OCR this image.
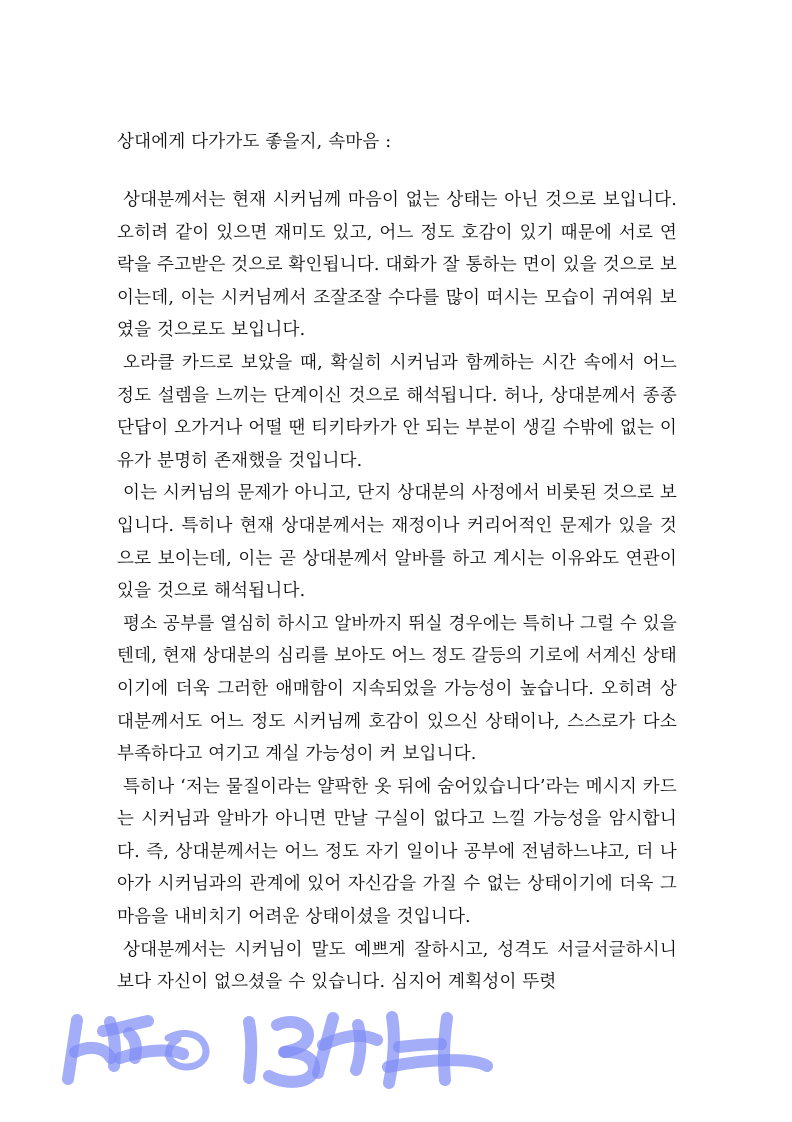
상대에게 다가가도 좋을지, 속마음 :

상대분께서는 현재 시커님께 마음이 없는 상태는 아닌 것으로 보입니다. 오히려 같이 있으면 재미도 있고, 어느 정도 호감이 있기 때문에 서로 연락을 주고받은 것으로 확인됩니다. 대화가 잘 통하는 면이 있을 것으로 보이는데, 이는 시커님께서 조잘조잘 수다를 많이 떠시는 모습이 귀여워 보였을 것으로도 보입니다.

오라클 카드로 보았을 때, 확실히 시커님과 함께하는 시간 속에서 어느 정도 설렘을 느끼는 단계이신 것으로 해석됩니다. 허나, 상대분께서 종종 단답이 오가거나 어떨 땐 티키타카가 안 되는 부분이 생길 수밖에 없는 이유가 분명히 존재했을 것입니다.

이는 시커님의 문제가 아니고, 단지 상대분의 사정에서 비롯된 것으로 보입니다. 특히나 현재 상대분께서는 재정이나 커리어적인 문제가 있을 것으로 보이는데, 이는 곧 상대분께서 알바를 하고 계시는 이유와도 연관이 있을 것으로 해석됩니다.

평소 공부를 열심히 하시고 알바까지 뛰실 경우에는 특히나 그럴 수 있을 텐데, 현재 상대분의 심리를 보아도 어느 정도 갈등의 기로에 서계신 상태이기에 더욱 그러한 애매함이 지속되었을 가능성이 높습니다. 오히려 상대분께서도 어느 정도 시커님께 호감이 있으신 상태이나, 스스로가 다소 부족하다고 여기고 계실 가능성이 커 보입니다.

특히나 ‘저는 물질이라는 얄팍한 옷 뒤에 숨어있습니다’라는 메시지 카드는 시커님과 알바가 아니면 만날 구실이 없다고 느낄 가능성을 암시합니다. 즉, 상대분께서는 어느 정도 자기 일이나 공부에 전념하느냐고, 더 나아가 시커님과의 관계에 있어 자신감을 가질 수 없는 상태이기에 더욱 그 마음을 내비치기 어려운 상태이셨을 것입니다.

상대분께서는 시커님이 말도 예쁘게 잘하시고, 성격도 서글서글하시니 보다 자신이 없으셨을 수 있습니다. 심지어 계획성이 뚜렷
